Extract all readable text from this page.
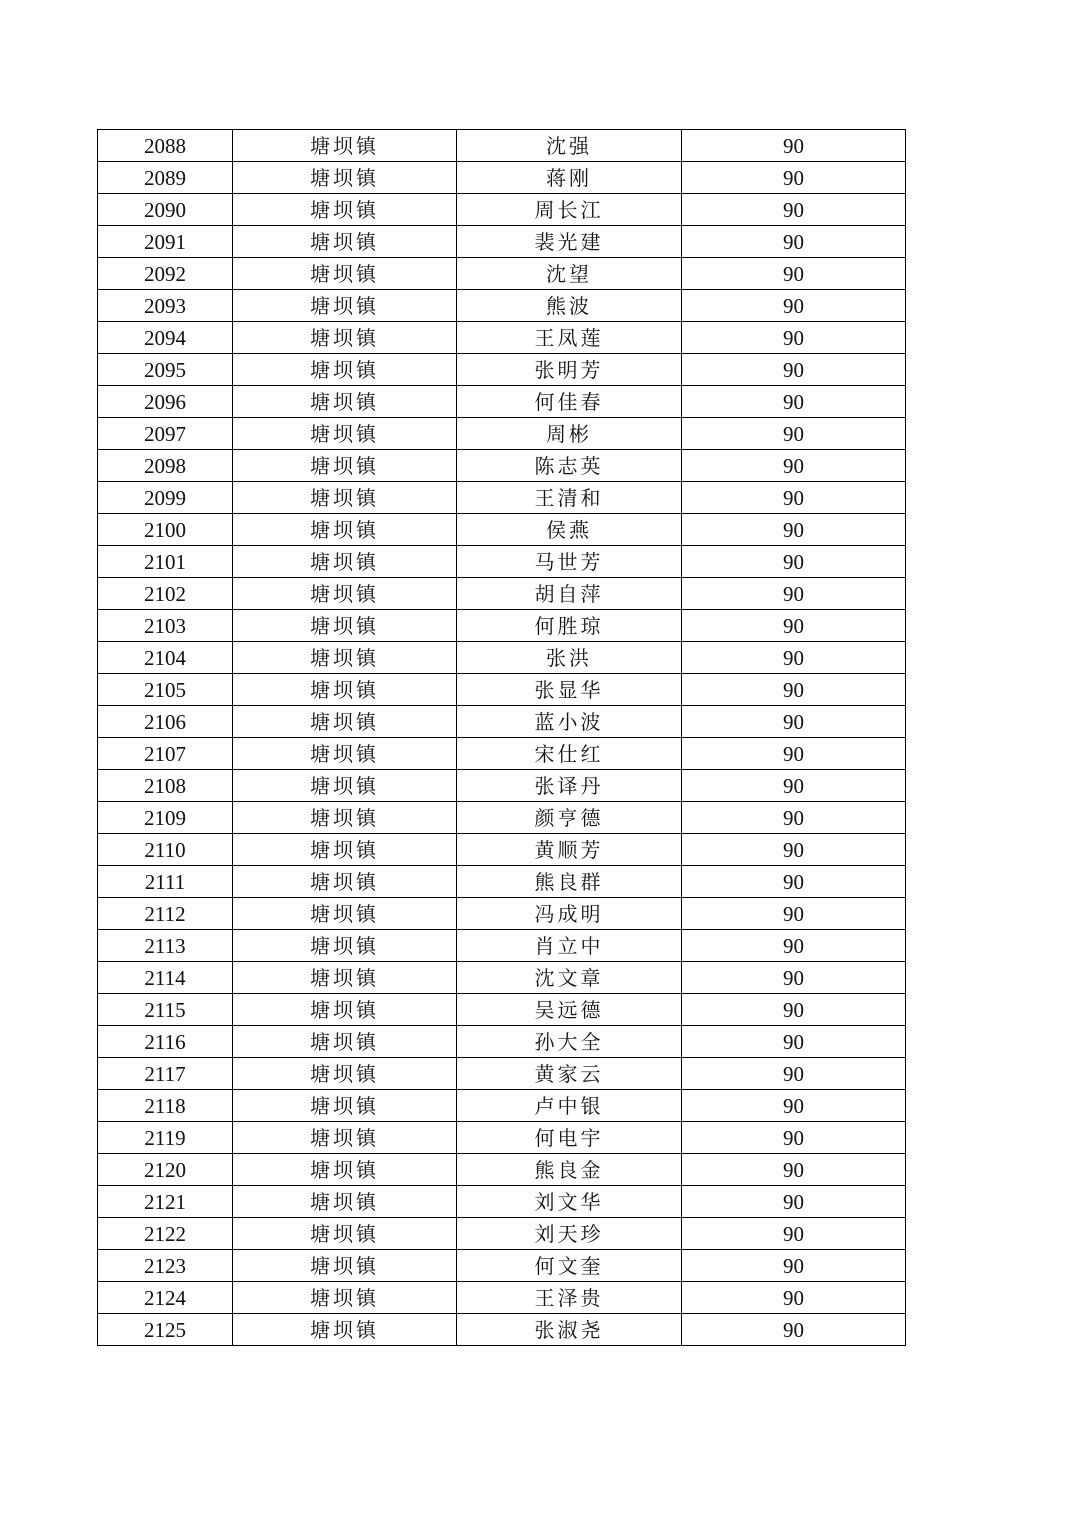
2088	塘坝镇	沈强	90
2089	塘坝镇	蒋刚	90
2090	塘坝镇	周长江	90
2091	塘坝镇	裴光建	90
2092	塘坝镇	沈望	90
2093	塘坝镇	熊波	90
2094	塘坝镇	王凤莲	90
2095	塘坝镇	张明芳	90
2096	塘坝镇	何佳春	90
2097	塘坝镇	周彬	90
2098	塘坝镇	陈志英	90
2099	塘坝镇	王清和	90
2100	塘坝镇	侯燕	90
2101	塘坝镇	马世芳	90
2102	塘坝镇	胡自萍	90
2103	塘坝镇	何胜琼	90
2104	塘坝镇	张洪	90
2105	塘坝镇	张显华	90
2106	塘坝镇	蓝小波	90
2107	塘坝镇	宋仕红	90
2108	塘坝镇	张译丹	90
2109	塘坝镇	颜亨德	90
2110	塘坝镇	黄顺芳	90
2111	塘坝镇	熊良群	90
2112	塘坝镇	冯成明	90
2113	塘坝镇	肖立中	90
2114	塘坝镇	沈文章	90
2115	塘坝镇	吴远德	90
2116	塘坝镇	孙大全	90
2117	塘坝镇	黄家云	90
2118	塘坝镇	卢中银	90
2119	塘坝镇	何电宇	90
2120	塘坝镇	熊良金	90
2121	塘坝镇	刘文华	90
2122	塘坝镇	刘天珍	90
2123	塘坝镇	何文奎	90
2124	塘坝镇	王泽贵	90
2125	塘坝镇	张淑尧	90
